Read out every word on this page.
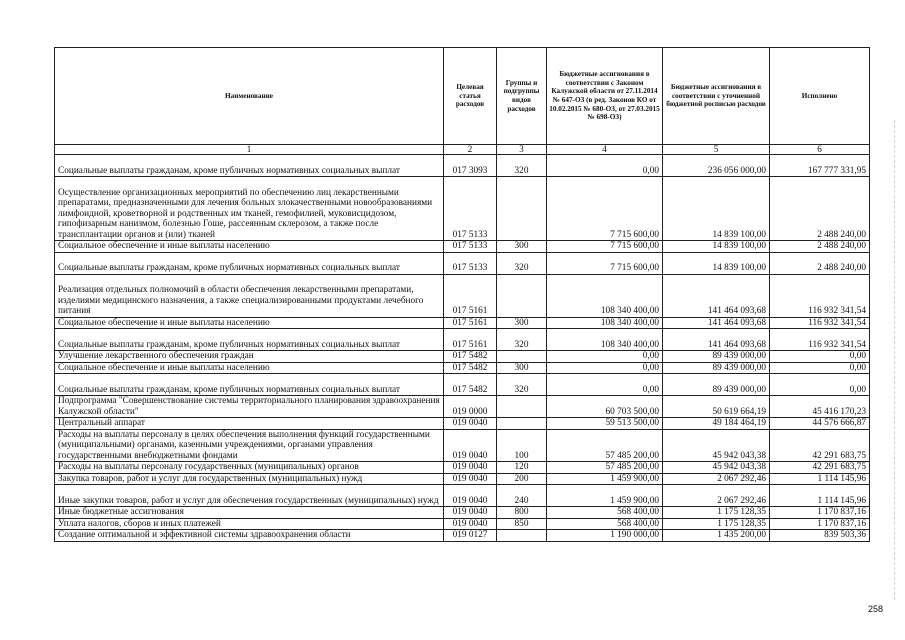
Наименование	Целевая статья расходов	Группы и подгруппы видов расходов	Бюджетные ассигнования в соответствии с Законом Калужской области от 27.11.2014 № 647-ОЗ (в ред. Законов КО от 10.02.2015 № 680-ОЗ, от 27.03.2015 № 698-ОЗ)	Бюджетные ассигнования в соответствии с уточненной бюджетной росписью расходов	Исполнено
1	2	3	4	5	6
Социальные выплаты гражданам, кроме публичных нормативных социальных выплат	017 3093	320	0,00	236 056 000,00	167 777 331,95
Осуществление организационных мероприятий по обеспечению лиц лекарственными препаратами, предназначенными для лечения больных злокачественными новообразованиями лимфоидной, кроветворной и родственных им тканей, гемофилией, муковисцидозом, гипофизарным нанизмом, болезнью Гоше, рассеянным склерозом, а также после трансплантации органов и (или) тканей	017 5133		7 715 600,00	14 839 100,00	2 488 240,00
Социальное обеспечение и иные выплаты населению	017 5133	300	7 715 600,00	14 839 100,00	2 488 240,00
Социальные выплаты гражданам, кроме публичных нормативных социальных выплат	017 5133	320	7 715 600,00	14 839 100,00	2 488 240,00
Реализация отдельных полномочий в области обеспечения лекарственными препаратами, изделиями медицинского назначения, а также специализированными продуктами лечебного питания	017 5161		108 340 400,00	141 464 093,68	116 932 341,54
Социальное обеспечение и иные выплаты населению	017 5161	300	108 340 400,00	141 464 093,68	116 932 341,54
Социальные выплаты гражданам, кроме публичных нормативных социальных выплат	017 5161	320	108 340 400,00	141 464 093,68	116 932 341,54
Улучшение лекарственного обеспечения граждан	017 5482		0,00	89 439 000,00	0,00
Социальное обеспечение и иные выплаты населению	017 5482	300	0,00	89 439 000,00	0,00
Социальные выплаты гражданам, кроме публичных нормативных социальных выплат	017 5482	320	0,00	89 439 000,00	0,00
Подпрограмма "Совершенствование системы территориального планирования здравоохранения Калужской области"	019 0000		60 703 500,00	50 619 664,19	45 416 170,23
Центральный аппарат	019 0040		59 513 500,00	49 184 464,19	44 576 666,87
Расходы на выплаты персоналу в целях обеспечения выполнения функций государственными (муниципальными) органами, казенными учреждениями, органами управления государственными внебюджетными фондами	019 0040	100	57 485 200,00	45 942 043,38	42 291 683,75
Расходы на выплаты персоналу государственных (муниципальных) органов	019 0040	120	57 485 200,00	45 942 043,38	42 291 683,75
Закупка товаров, работ и услуг для государственных (муниципальных) нужд	019 0040	200	1 459 900,00	2 067 292,46	1 114 145,96
Иные закупки товаров, работ и услуг для обеспечения государственных (муниципальных) нужд	019 0040	240	1 459 900,00	2 067 292,46	1 114 145,96
Иные бюджетные ассигнования	019 0040	800	568 400,00	1 175 128,35	1 170 837,16
Уплата налогов, сборов и иных платежей	019 0040	850	568 400,00	1 175 128,35	1 170 837,16
Создание оптимальной и эффективной системы здравоохранения области	019 0127		1 190 000,00	1 435 200,00	839 503,36
258
